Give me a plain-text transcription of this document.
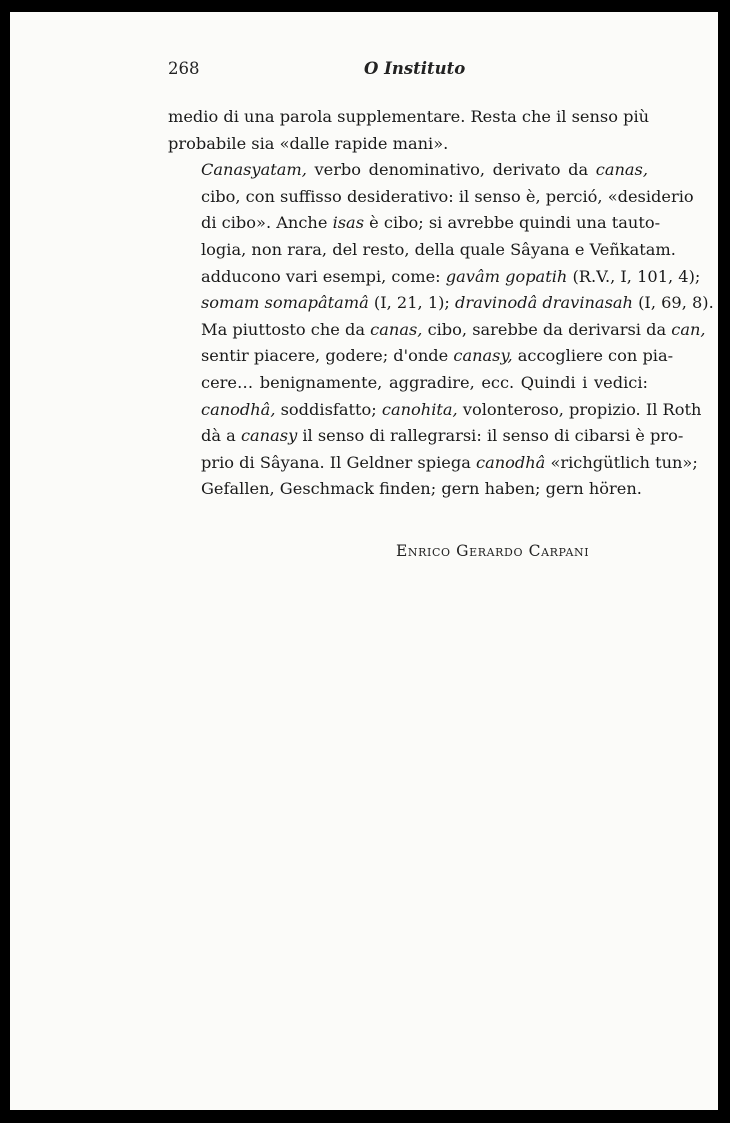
268	O Instituto

medio di una parola supplementare. Resta che il senso più
probabile sia «dalle rapide mani».

Canasyatam, verbo denominativo, derivato da canas,
cibo, con suffisso desiderativo: il senso è, perció, «desiderio
di cibo». Anche isas è cibo; si avrebbe quindi una tauto-
logia, non rara, del resto, della quale Sâyana e Veñkatam.
adducono vari esempi, come: gavâm gopatih (R.V., I, 101, 4);
somam somapâtamâ (I, 21, 1); dravinodâ dravinasah (I, 69, 8).
Ma piuttosto che da canas, cibo, sarebbe da derivarsi da can,
sentir piacere, godere; d'onde canasy, accogliere con pia-
cere… benignamente, aggradire, ecc. Quindi i vedici:
canodhâ, soddisfatto; canohita, volonteroso, propizio. Il Roth
dà a canasy il senso di rallegrarsi: il senso di cibarsi è pro-
prio di Sâyana. Il Geldner spiega canodhâ «richgütlich tun»;
Gefallen, Geschmack finden; gern haben; gern hören.

Enrico Gerardo Carpani
